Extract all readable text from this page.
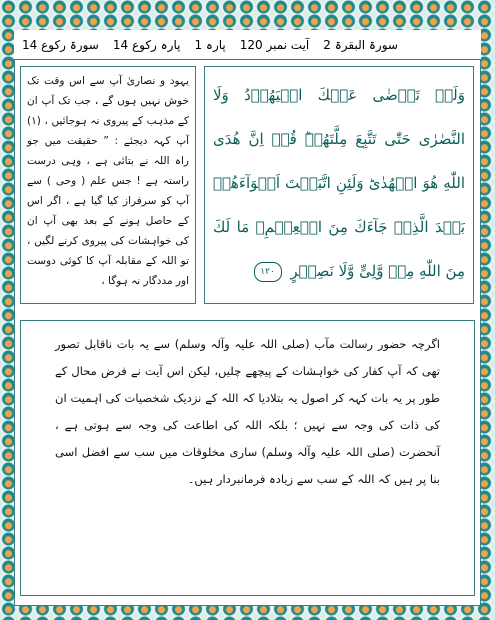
سورۃ البقرۃ 2
آیت نمبر 120
پارہ 1
پارہ رکوع 14
سورۃ رکوع 14
وَلَنۡ تَرۡضٰى عَنۡكَ الۡيَهُوۡدُ وَلَا النَّصٰرٰى حَتّٰى تَتَّبِعَ مِلَّتَهُمۡ‌ؕ قُلۡ اِنَّ هُدَى اللّٰهِ هُوَ الۡهُدٰى‌ؕ وَلَئِنِ اتَّبَعۡتَ اَهۡوَآءَهُمۡ بَعۡدَ الَّذِىۡ جَآءَكَ مِنَ الۡعِلۡمِ‌ۙ مَا لَكَ مِنَ اللّٰهِ مِنۡ وَّلِىٍّ وَّلَا نَصِيۡرٍ ١٢٠
یہود و نصاریٰ آپ سے اس وقت تک خوش نہیں ہوں گے ، جب تک آپ ان کے مذہب کے پیروی نہ ہوجائیں ، (۱) آپ کہہ دیجئے : ” حقیقت میں جو راہ اللہ نے بتائی ہے ، وہی درست راستہ ہے ! جس علم ( وحی ) سے آپ کو سرفراز کیا گیا ہے ، اگر اس کے حاصل ہونے کے بعد بھی آپ ان کی خواہشات کی پیروی کرنے لگیں ، تو اللہ کے مقابلہ آپ کا کوئی دوست اور مددگار نہ ہوگا ،
اگرچہ حضور رسالت مآب (صلی اللہ علیہ وآلہ وسلم) سے یہ بات ناقابل تصور تھی کہ آپ کفار کی خواہشات کے پیچھے چلیں، لیکن اس آیت نے فرض محال کے طور پر یہ بات کہہ کر اصول یہ بتلادیا کہ اللہ کے نزدیک شخصیات کی اہمیت ان کی ذات کی وجہ سے نہیں ؛ بلکہ اللہ کی اطاعت کی وجہ سے ہوتی ہے ، آنحضرت (صلی اللہ علیہ وآلہ وسلم) ساری مخلوقات میں سب سے افضل اسی بنا پر ہیں کہ اللہ کے سب سے زیادہ فرمانبردار ہیں۔
